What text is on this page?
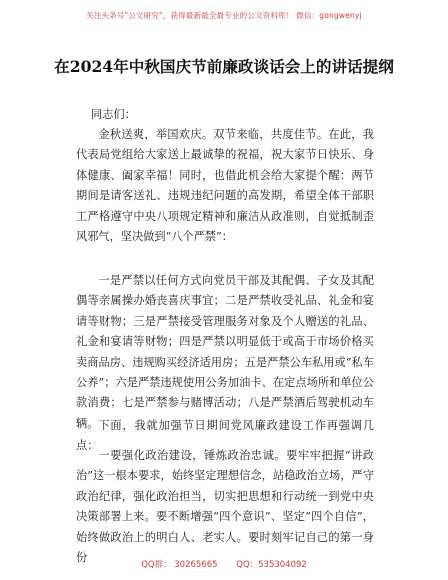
关注头条号"公文研究"，获得最新最全最专业的公文资料库！ 微信：gongwenyj
在2024年中秋国庆节前廉政谈话会上的讲话提纲
同志们：

金秋送爽，举国欢庆。双节来临，共度佳节。在此，我代表局党组给大家送上最诚挚的祝福，祝大家节日快乐、身体健康、阖家幸福！同时，也借此机会给大家提个醒：两节期间是请客送礼、违规违纪问题的高发期，希望全体干部职工严格遵守中央八项规定精神和廉洁从政准则，自觉抵制歪风邪气，坚决做到“八个严禁”：

一是严禁以任何方式向党员干部及其配偶、子女及其配偶等亲属操办婚丧喜庆事宜；二是严禁收受礼品、礼金和宴请等财物；三是严禁接受管理服务对象及个人赠送的礼品、礼金和宴请等财物；四是严禁以明显低于或高于市场价格买卖商品房、违规购买经济适用房；五是严禁公车私用或“私车公养”；六是严禁违规使用公务加油卡、在定点场所和单位公款消费；七是严禁参与赌博活动；八是严禁酒后驾驶机动车辆。 下面，我就加强节日期间党风廉政建设工作再强调几点：

一要强化政治建设，锤炼政治忠诚。要牢牢把握“讲政治”这一根本要求，始终坚定理想信念，站稳政治立场，严守政治纪律，强化政治担当，切实把思想和行动统一到党中央决策部署上来。要不断增强“四个意识”、坚定“四个自信”，始终做政治上的明白人、老实人。要时刻牢记自己的第一身份

QQ群： 30265665 QQ：535304092
